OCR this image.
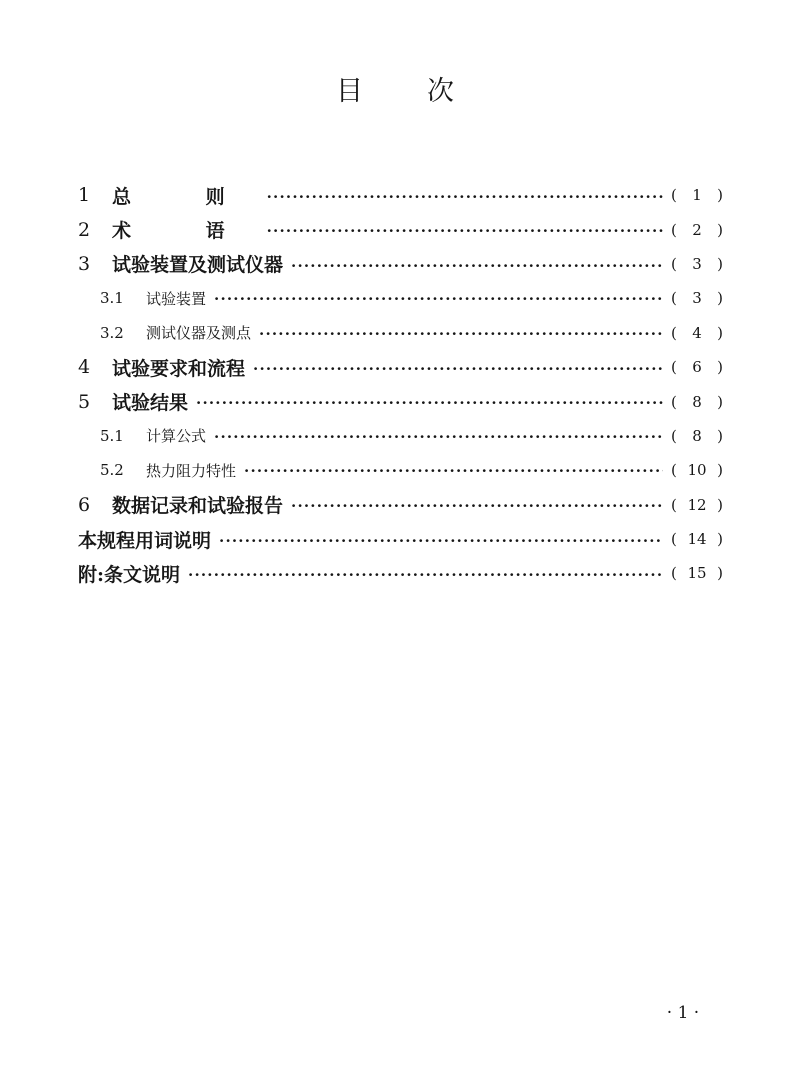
目 次
1	总 则 ·····	(	1	)
2	术 语 ·····	(	2	)
3	试验装置及测试仪器 ·····	(	3	)
3.1	试验装置 ·····	(	3	)
3.2	测试仪器及测点 ·····	(	4	)
4	试验要求和流程 ·····	(	6	)
5	试验结果 ·····	(	8	)
5.1	计算公式 ·····	(	8	)
5.2	热力阻力特性 ·····	( 10 )
6	数据记录和试验报告 ·····	( 12 )
本规程用词说明 ·····	( 14 )
附:条文说明 ·····	( 15 )
· 1 ·
